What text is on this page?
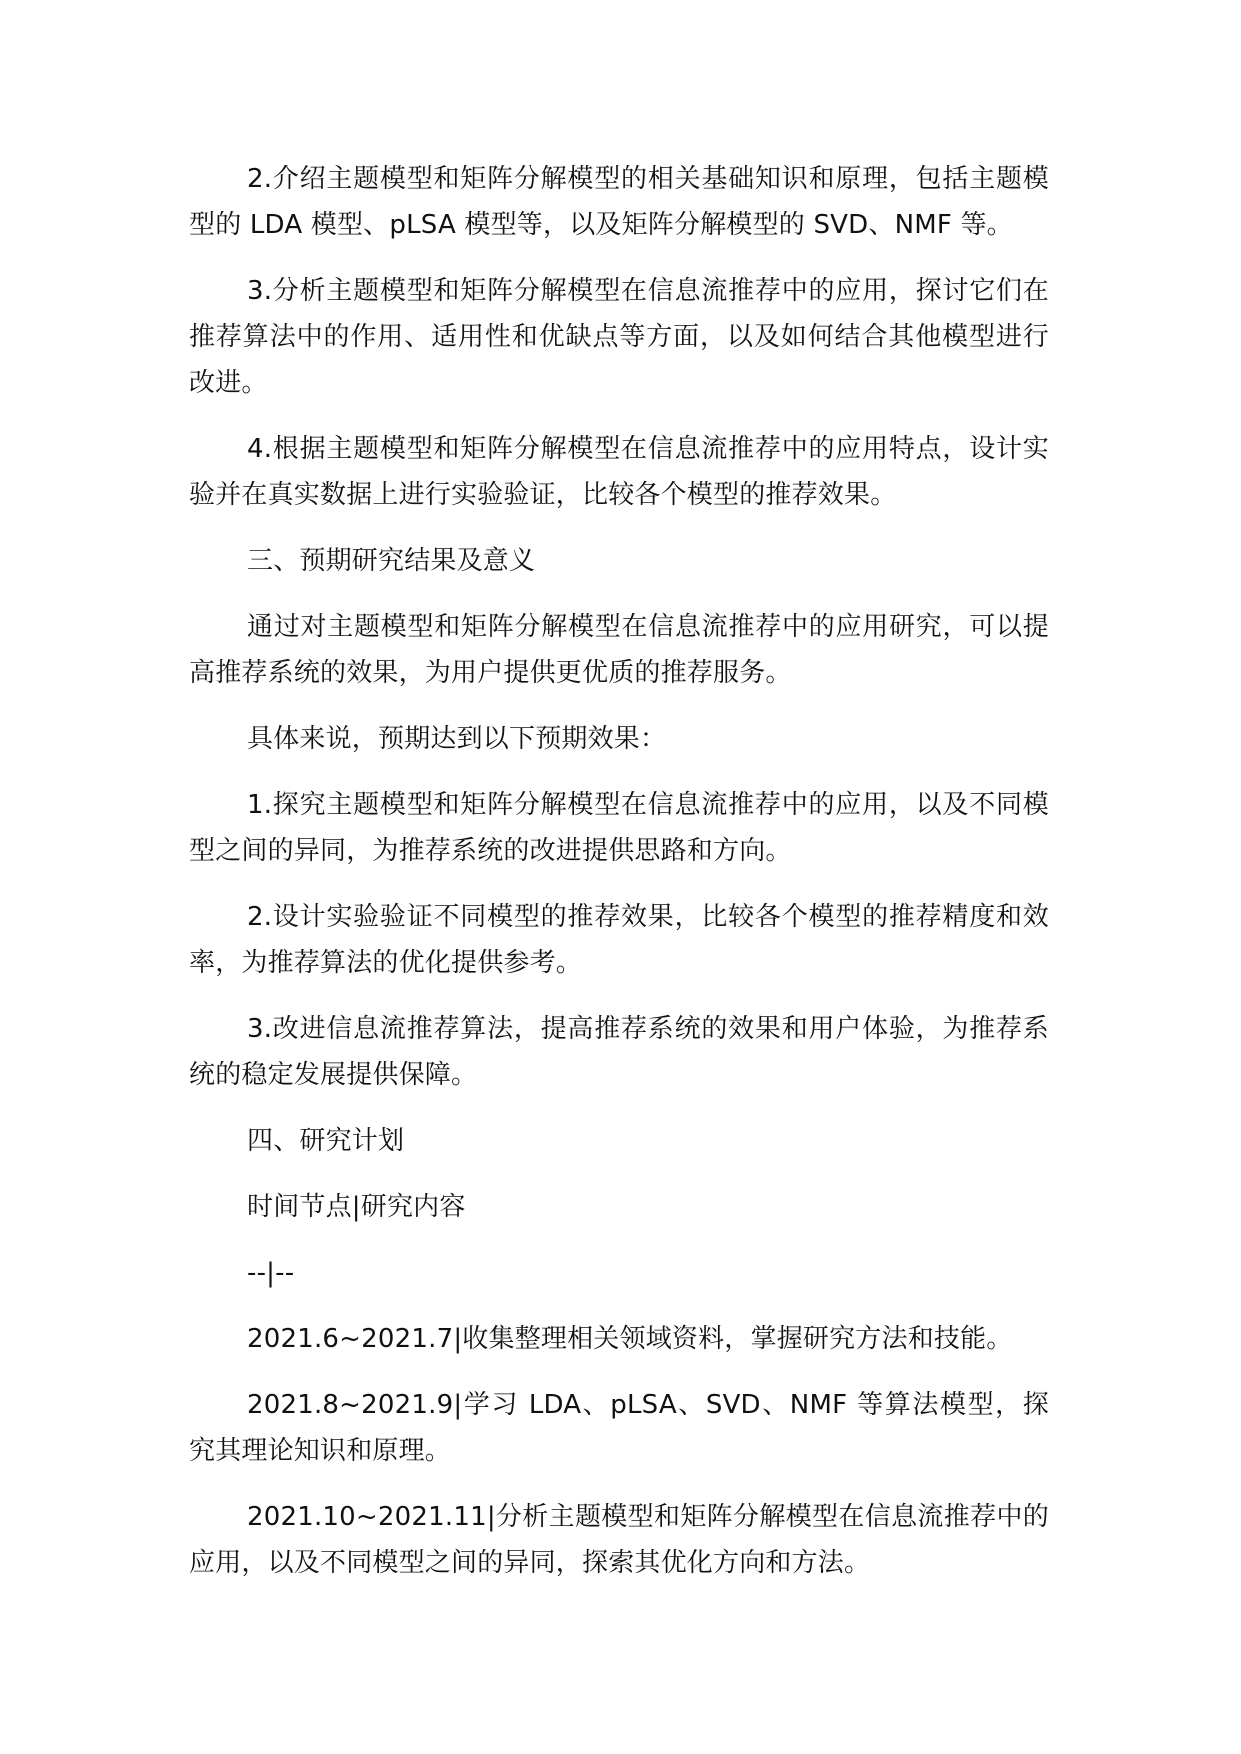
2.介绍主题模型和矩阵分解模型的相关基础知识和原理，包括主题模型的 LDA 模型、pLSA 模型等，以及矩阵分解模型的 SVD、NMF 等。

3.分析主题模型和矩阵分解模型在信息流推荐中的应用，探讨它们在推荐算法中的作用、适用性和优缺点等方面，以及如何结合其他模型进行改进。

4.根据主题模型和矩阵分解模型在信息流推荐中的应用特点，设计实验并在真实数据上进行实验验证，比较各个模型的推荐效果。

三、预期研究结果及意义

通过对主题模型和矩阵分解模型在信息流推荐中的应用研究，可以提高推荐系统的效果，为用户提供更优质的推荐服务。

具体来说，预期达到以下预期效果：

1.探究主题模型和矩阵分解模型在信息流推荐中的应用，以及不同模型之间的异同，为推荐系统的改进提供思路和方向。

2.设计实验验证不同模型的推荐效果，比较各个模型的推荐精度和效率，为推荐算法的优化提供参考。

3.改进信息流推荐算法，提高推荐系统的效果和用户体验，为推荐系统的稳定发展提供保障。

四、研究计划

时间节点|研究内容

--|--

2021.6~2021.7|收集整理相关领域资料，掌握研究方法和技能。

2021.8~2021.9|学习 LDA、pLSA、SVD、NMF 等算法模型，探究其理论知识和原理。

2021.10~2021.11|分析主题模型和矩阵分解模型在信息流推荐中的应用，以及不同模型之间的异同，探索其优化方向和方法。
